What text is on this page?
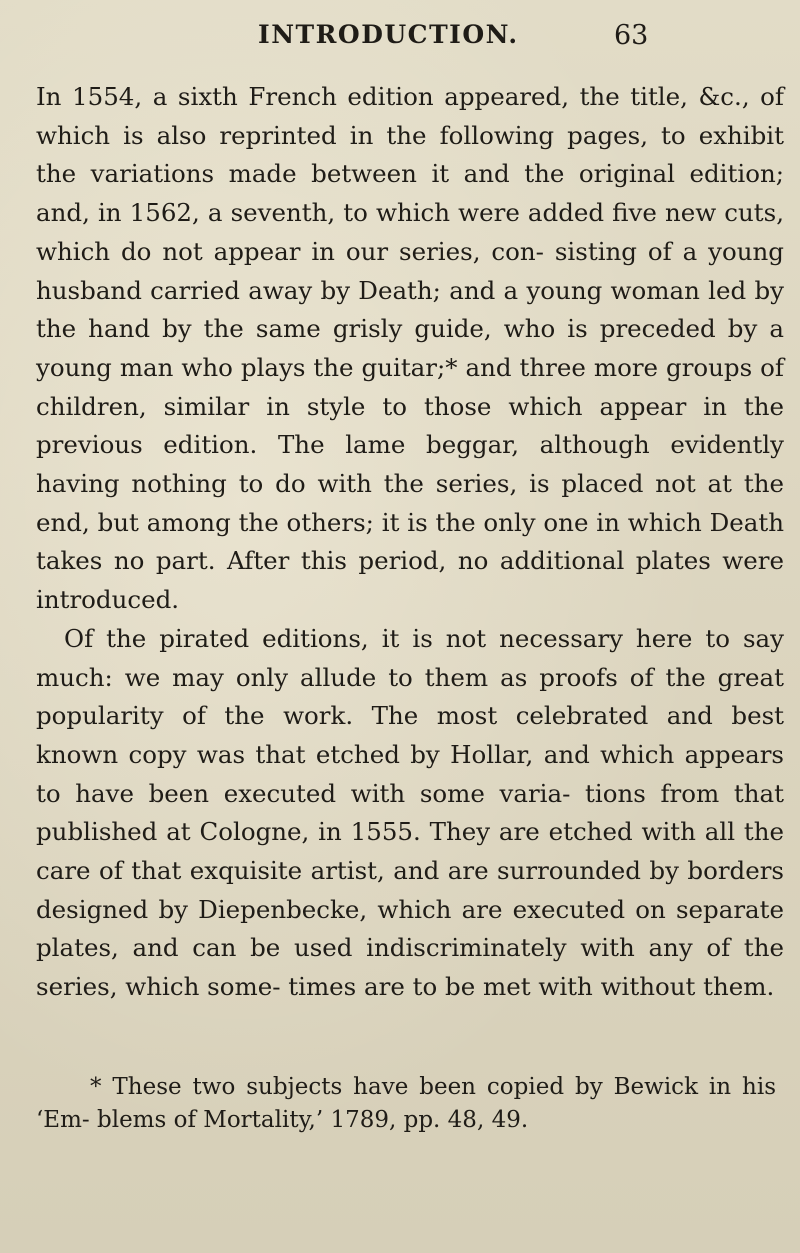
INTRODUCTION.	63

In 1554, a sixth French edition appeared, the title, &c., of which is also reprinted in the following pages, to exhibit the variations made between it and the original edition; and, in 1562, a seventh, to which were added five new cuts, which do not appear in our series, con- sisting of a young husband carried away by Death; and a young woman led by the hand by the same grisly guide, who is preceded by a young man who plays the guitar;* and three more groups of children, similar in style to those which appear in the previous edition. The lame beggar, although evidently having nothing to do with the series, is placed not at the end, but among the others; it is the only one in which Death takes no part. After this period, no additional plates were introduced.

Of the pirated editions, it is not necessary here to say much: we may only allude to them as proofs of the great popularity of the work. The most celebrated and best known copy was that etched by Hollar, and which appears to have been executed with some varia- tions from that published at Cologne, in 1555. They are etched with all the care of that exquisite artist, and are surrounded by borders designed by Diepenbecke, which are executed on separate plates, and can be used indiscriminately with any of the series, which some- times are to be met with without them.

* These two subjects have been copied by Bewick in his ‘Em- blems of Mortality,’ 1789, pp. 48, 49.
